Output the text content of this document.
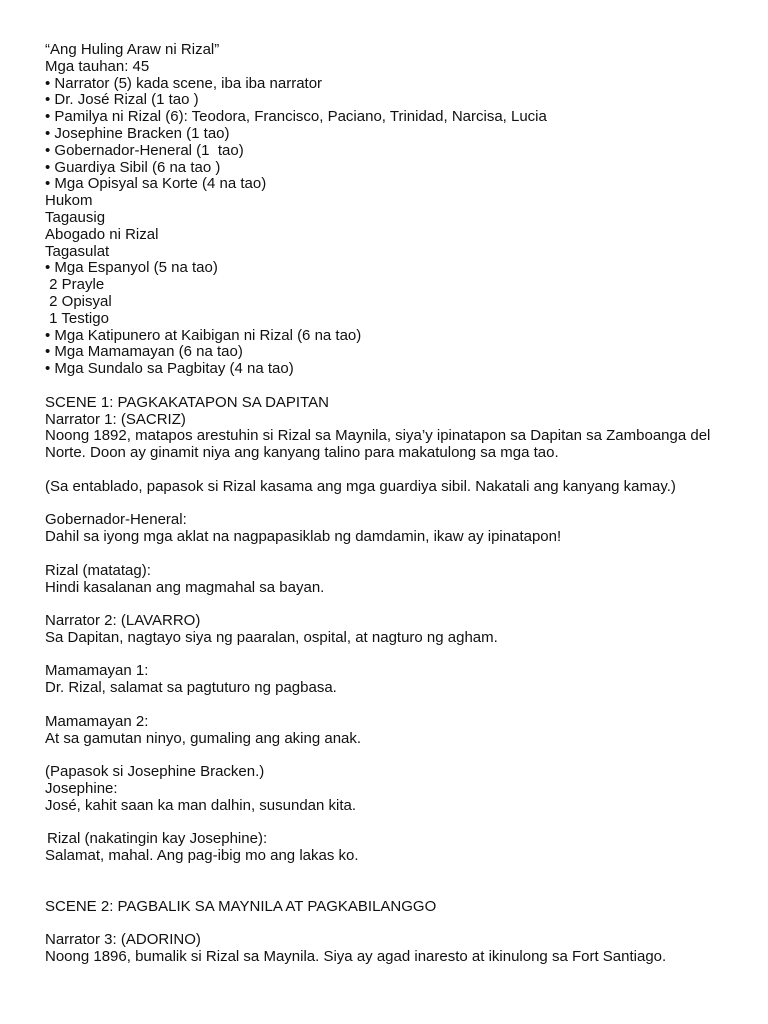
“Ang Huling Araw ni Rizal”
Mga tauhan: 45
• Narrator (5) kada scene, iba iba narrator
• Dr. José Rizal (1 tao )
• Pamilya ni Rizal (6): Teodora, Francisco, Paciano, Trinidad, Narcisa, Lucia
• Josephine Bracken (1 tao)
• Gobernador-Heneral (1  tao)
• Guardiya Sibil (6 na tao )
• Mga Opisyal sa Korte (4 na tao)
Hukom
Tagausig
Abogado ni Rizal
Tagasulat
• Mga Espanyol (5 na tao)
2 Prayle
2 Opisyal
1 Testigo
• Mga Katipunero at Kaibigan ni Rizal (6 na tao)
• Mga Mamamayan (6 na tao)
• Mga Sundalo sa Pagbitay (4 na tao)
SCENE 1: PAGKAKATAPON SA DAPITAN
Narrator 1: (SACRIZ)
Noong 1892, matapos arestuhin si Rizal sa Maynila, siya’y ipinatapon sa Dapitan sa Zamboanga del Norte. Doon ay ginamit niya ang kanyang talino para makatulong sa mga tao.
(Sa entablado, papasok si Rizal kasama ang mga guardiya sibil. Nakatali ang kanyang kamay.)
Gobernador-Heneral:
Dahil sa iyong mga aklat na nagpapasiklab ng damdamin, ikaw ay ipinatapon!
Rizal (matatag):
Hindi kasalanan ang magmahal sa bayan.
Narrator 2: (LAVARRO)
Sa Dapitan, nagtayo siya ng paaralan, ospital, at nagturo ng agham.
Mamamayan 1:
Dr. Rizal, salamat sa pagtuturo ng pagbasa.
Mamamayan 2:
At sa gamutan ninyo, gumaling ang aking anak.
(Papasok si Josephine Bracken.)
Josephine:
José, kahit saan ka man dalhin, susundan kita.
Rizal (nakatingin kay Josephine):
Salamat, mahal. Ang pag-ibig mo ang lakas ko.
SCENE 2: PAGBALIK SA MAYNILA AT PAGKABILANGGO
Narrator 3: (ADORINO)
Noong 1896, bumalik si Rizal sa Maynila. Siya ay agad inaresto at ikinulong sa Fort Santiago.
